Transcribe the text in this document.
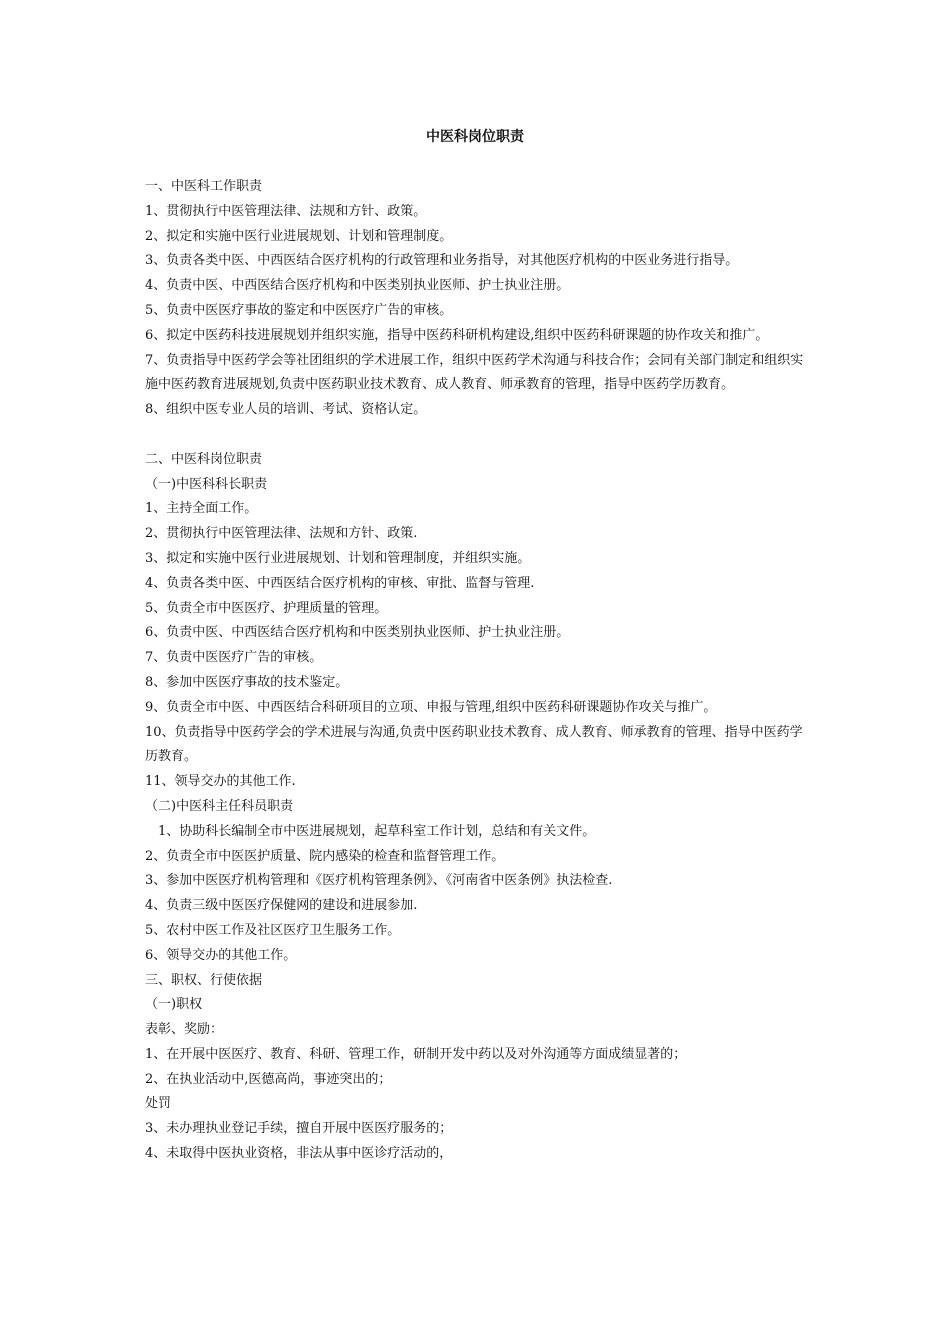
中医科岗位职责
一、中医科工作职责
1、贯彻执行中医管理法律、法规和方针、政策。
2、拟定和实施中医行业进展规划、计划和管理制度。
3、负责各类中医、中西医结合医疗机构的行政管理和业务指导，对其他医疗机构的中医业务进行指导。
4、负责中医、中西医结合医疗机构和中医类别执业医师、护士执业注册。
5、负责中医医疗事故的鉴定和中医医疗广告的审核。
6、拟定中医药科技进展规划并组织实施，指导中医药科研机构建设,组织中医药科研课题的协作攻关和推广。
7、负责指导中医药学会等社团组织的学术进展工作，组织中医药学术沟通与科技合作；会同有关部门制定和组织实施中医药教育进展规划,负责中医药职业技术教育、成人教育、师承教育的管理，指导中医药学历教育。
8、组织中医专业人员的培训、考试、资格认定。
二、中医科岗位职责
（一)中医科科长职责
1、主持全面工作。
2、贯彻执行中医管理法律、法规和方针、政策.
3、拟定和实施中医行业进展规划、计划和管理制度，并组织实施。
4、负责各类中医、中西医结合医疗机构的审核、审批、监督与管理.
5、负责全市中医医疗、护理质量的管理。
6、负责中医、中西医结合医疗机构和中医类别执业医师、护士执业注册。
7、负责中医医疗广告的审核。
8、参加中医医疗事故的技术鉴定。
9、负责全市中医、中西医结合科研项目的立项、申报与管理,组织中医药科研课题协作攻关与推广。
10、负责指导中医药学会的学术进展与沟通,负责中医药职业技术教育、成人教育、师承教育的管理、指导中医药学历教育。
11、领导交办的其他工作.
（二)中医科主任科员职责
1、协助科长编制全市中医进展规划，起草科室工作计划，总结和有关文件。
2、负责全市中医医护质量、院内感染的检查和监督管理工作。
3、参加中医医疗机构管理和《医疗机构管理条例》、《河南省中医条例》执法检查.
4、负责三级中医医疗保健网的建设和进展参加.
5、农村中医工作及社区医疗卫生服务工作。
6、领导交办的其他工作。
三、职权、行使依据
（一)职权
表彰、奖励：
1、在开展中医医疗、教育、科研、管理工作，研制开发中药以及对外沟通等方面成绩显著的；
2、在执业活动中,医德高尚，事迹突出的；
处罚
3、未办理执业登记手续，擅自开展中医医疗服务的；
4、未取得中医执业资格，非法从事中医诊疗活动的，
